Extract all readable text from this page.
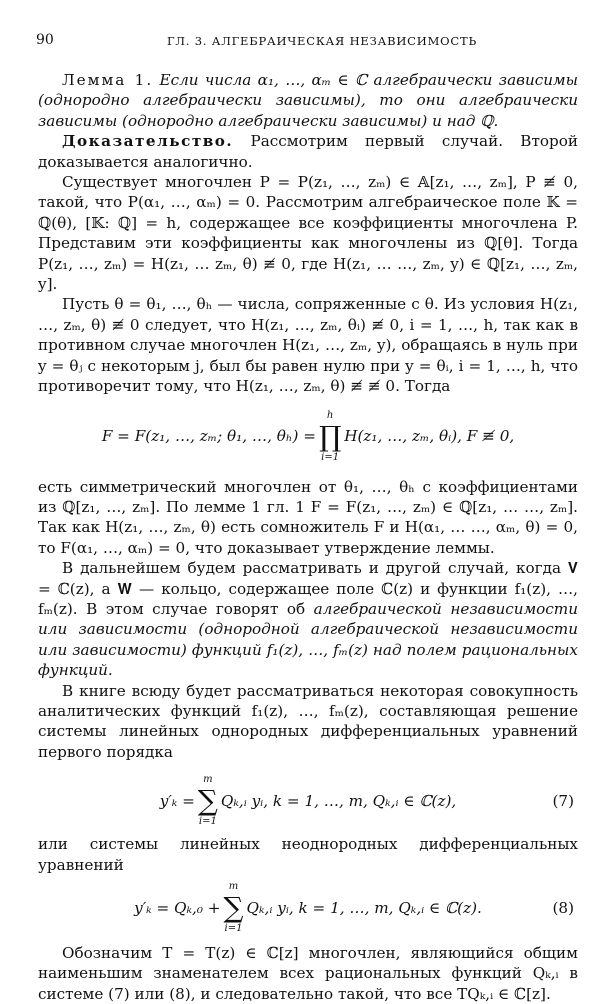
90	ГЛ. 3. АЛГЕБРАИЧЕСКАЯ НЕЗАВИСИМОСТЬ

Лемма 1. Если числа α₁, …, αₘ ∈ ℂ алгебраически зависимы (однородно алгебраически зависимы), то они алгебраически зависимы (однородно алгебраически зависимы) и над ℚ.

Доказательство. Рассмотрим первый случай. Второй доказывается аналогично.

Существует многочлен P = P(z₁, …, zₘ) ∈ 𝔸[z₁, …, zₘ], P ≢ 0, такой, что P(α₁, …, αₘ) = 0. Рассмотрим алгебраическое поле 𝕂 = ℚ(θ), [𝕂: ℚ] = h, содержащее все коэффициенты многочлена P. Представим эти коэффициенты как многочлены из ℚ[θ]. Тогда P(z₁, …, zₘ) = H(z₁, … zₘ, θ) ≢ 0, где H(z₁, … …, zₘ, y) ∈ ℚ[z₁, …, zₘ, y].

Пусть θ = θ₁, …, θₕ — числа, сопряженные с θ. Из условия H(z₁, …, zₘ, θ) ≢ 0 следует, что H(z₁, …, zₘ, θᵢ) ≢ 0, i = 1, …, h, так как в противном случае многочлен H(z₁, …, zₘ, y), обращаясь в нуль при y = θⱼ с некоторым j, был бы равен нулю при y = θᵢ, i = 1, …, h, что противоречит тому, что H(z₁, …, zₘ, θ) ≢ ≢ 0. Тогда

F = F(z₁, …, zₘ; θ₁, …, θₕ) =
h
∏
i=1
H(z₁, …, zₘ, θᵢ), F ≢ 0,

есть симметрический многочлен от θ₁, …, θₕ с коэффициентами из ℚ[z₁, …, zₘ]. По лемме 1 гл. 1 F = F(z₁, …, zₘ) ∈ ℚ[z₁, … …, zₘ]. Так как H(z₁, …, zₘ, θ) есть сомножитель F и H(α₁, … …, αₘ, θ) = 0, то F(α₁, …, αₘ) = 0, что доказывает утверждение леммы.

В дальнейшем будем рассматривать и другой случай, когда 𝐕 = ℂ(z), а 𝐖 — кольцо, содержащее поле ℂ(z) и функции f₁(z), …, fₘ(z). В этом случае говорят об алгебраической независимости или зависимости (однородной алгебраической независимости или зависимости) функций f₁(z), …, fₘ(z) над полем рациональных функций.

В книге всюду будет рассматриваться некоторая совокупность аналитических функций f₁(z), …, fₘ(z), составляющая решение системы линейных однородных дифференциальных уравнений первого порядка

y′ₖ =
m
∑
i=1
Qₖ,ᵢ yᵢ, k = 1, …, m, Qₖ,ᵢ ∈ ℂ(z),	(7)

или системы линейных неоднородных дифференциальных уравнений

y′ₖ = Qₖ,₀ +
m
∑
i=1
Qₖ,ᵢ yᵢ, k = 1, …, m, Qₖ,ᵢ ∈ ℂ(z).	(8)

Обозначим T = T(z) ∈ ℂ[z] многочлен, являющийся общим наименьшим знаменателем всех рациональных функций Qₖ,ᵢ в системе (7) или (8), и следовательно такой, что все TQₖ,ᵢ ∈ ℂ[z].
